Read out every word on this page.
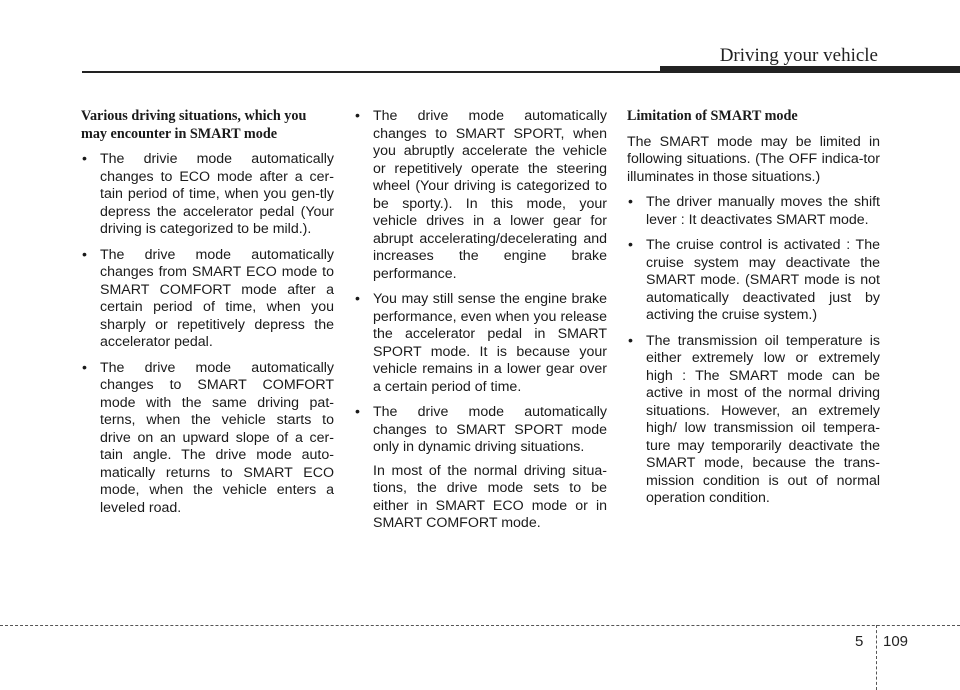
Driving your vehicle
Various driving situations, which you may encounter in SMART mode
• The drivie mode automatically changes to ECO mode after a cer-tain period of time, when you gen-tly depress the accelerator pedal (Your driving is categorized to be mild.).
• The drive mode automatically changes from SMART ECO mode to SMART COMFORT mode after a certain period of time, when you sharply or repetitively depress the accelerator pedal.
• The drive mode automatically changes to SMART COMFORT mode with the same driving pat-terns, when the vehicle starts to drive on an upward slope of a cer-tain angle. The drive mode auto-matically returns to SMART ECO mode, when the vehicle enters a leveled road.
• The drive mode automatically changes to SMART SPORT, when you abruptly accelerate the vehicle or repetitively operate the steering wheel (Your driving is categorized to be sporty.). In this mode, your vehicle drives in a lower gear for abrupt accelerating/decelerating and increases the engine brake performance.
• You may still sense the engine brake performance, even when you release the accelerator pedal in SMART SPORT mode. It is because your vehicle remains in a lower gear over a certain period of time.
• The drive mode automatically changes to SMART SPORT mode only in dynamic driving situations.

In most of the normal driving situa-tions, the drive mode sets to be either in SMART ECO mode or in SMART COMFORT mode.

Limitation of SMART mode

The SMART mode may be limited in following situations. (The OFF indica-tor illuminates in those situations.)

• The driver manually moves the shift lever : It deactivates SMART mode.
• The cruise control is activated : The cruise system may deactivate the SMART mode. (SMART mode is not automatically deactivated just by activing the cruise system.)
• The transmission oil temperature is either extremely low or extremely high : The SMART mode can be active in most of the normal driving situations. However, an extremely high/ low transmission oil tempera-ture may temporarily deactivate the SMART mode, because the trans-mission condition is out of normal operation condition.
5 109
